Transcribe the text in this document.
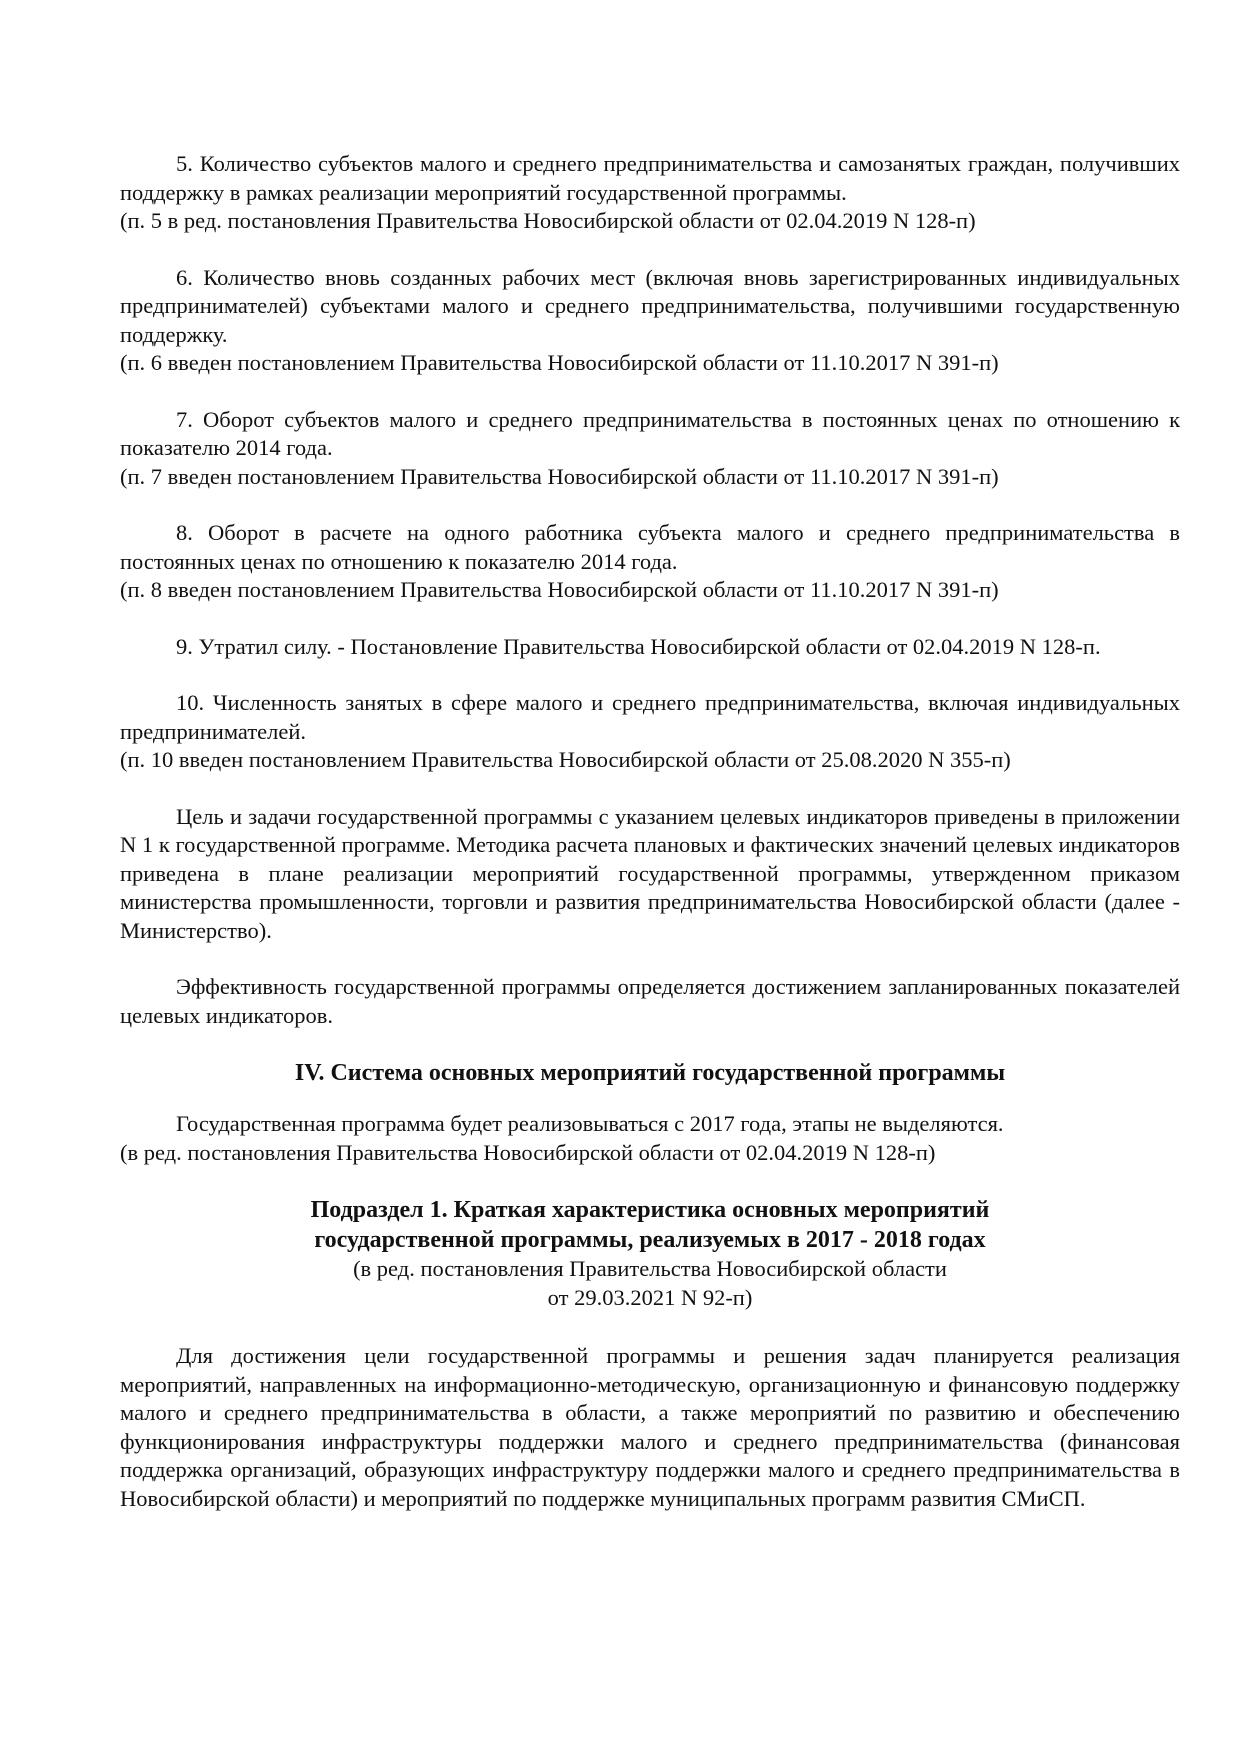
5. Количество субъектов малого и среднего предпринимательства и самозанятых граждан, получивших поддержку в рамках реализации мероприятий государственной программы.

(п. 5 в ред. постановления Правительства Новосибирской области от 02.04.2019 N 128-п)

6. Количество вновь созданных рабочих мест (включая вновь зарегистрированных индивидуальных предпринимателей) субъектами малого и среднего предпринимательства, получившими государственную поддержку.

(п. 6 введен постановлением Правительства Новосибирской области от 11.10.2017 N 391-п)

7. Оборот субъектов малого и среднего предпринимательства в постоянных ценах по отношению к показателю 2014 года.

(п. 7 введен постановлением Правительства Новосибирской области от 11.10.2017 N 391-п)

8. Оборот в расчете на одного работника субъекта малого и среднего предпринимательства в постоянных ценах по отношению к показателю 2014 года.

(п. 8 введен постановлением Правительства Новосибирской области от 11.10.2017 N 391-п)

9. Утратил силу. - Постановление Правительства Новосибирской области от 02.04.2019 N 128-п.

10. Численность занятых в сфере малого и среднего предпринимательства, включая индивидуальных предпринимателей.

(п. 10 введен постановлением Правительства Новосибирской области от 25.08.2020 N 355-п)

Цель и задачи государственной программы с указанием целевых индикаторов приведены в приложении N 1 к государственной программе. Методика расчета плановых и фактических значений целевых индикаторов приведена в плане реализации мероприятий государственной программы, утвержденном приказом министерства промышленности, торговли и развития предпринимательства Новосибирской области (далее - Министерство).

Эффективность государственной программы определяется достижением запланированных показателей целевых индикаторов.

IV. Система основных мероприятий государственной программы

Государственная программа будет реализовываться с 2017 года, этапы не выделяются.

(в ред. постановления Правительства Новосибирской области от 02.04.2019 N 128-п)

Подраздел 1. Краткая характеристика основных мероприятий

государственной программы, реализуемых в 2017 - 2018 годах

(в ред. постановления Правительства Новосибирской области

от 29.03.2021 N 92-п)

Для достижения цели государственной программы и решения задач планируется реализация мероприятий, направленных на информационно-методическую, организационную и финансовую поддержку малого и среднего предпринимательства в области, а также мероприятий по развитию и обеспечению функционирования инфраструктуры поддержки малого и среднего предпринимательства (финансовая поддержка организаций, образующих инфраструктуру поддержки малого и среднего предпринимательства в Новосибирской области) и мероприятий по поддержке муниципальных программ развития СМиСП.
